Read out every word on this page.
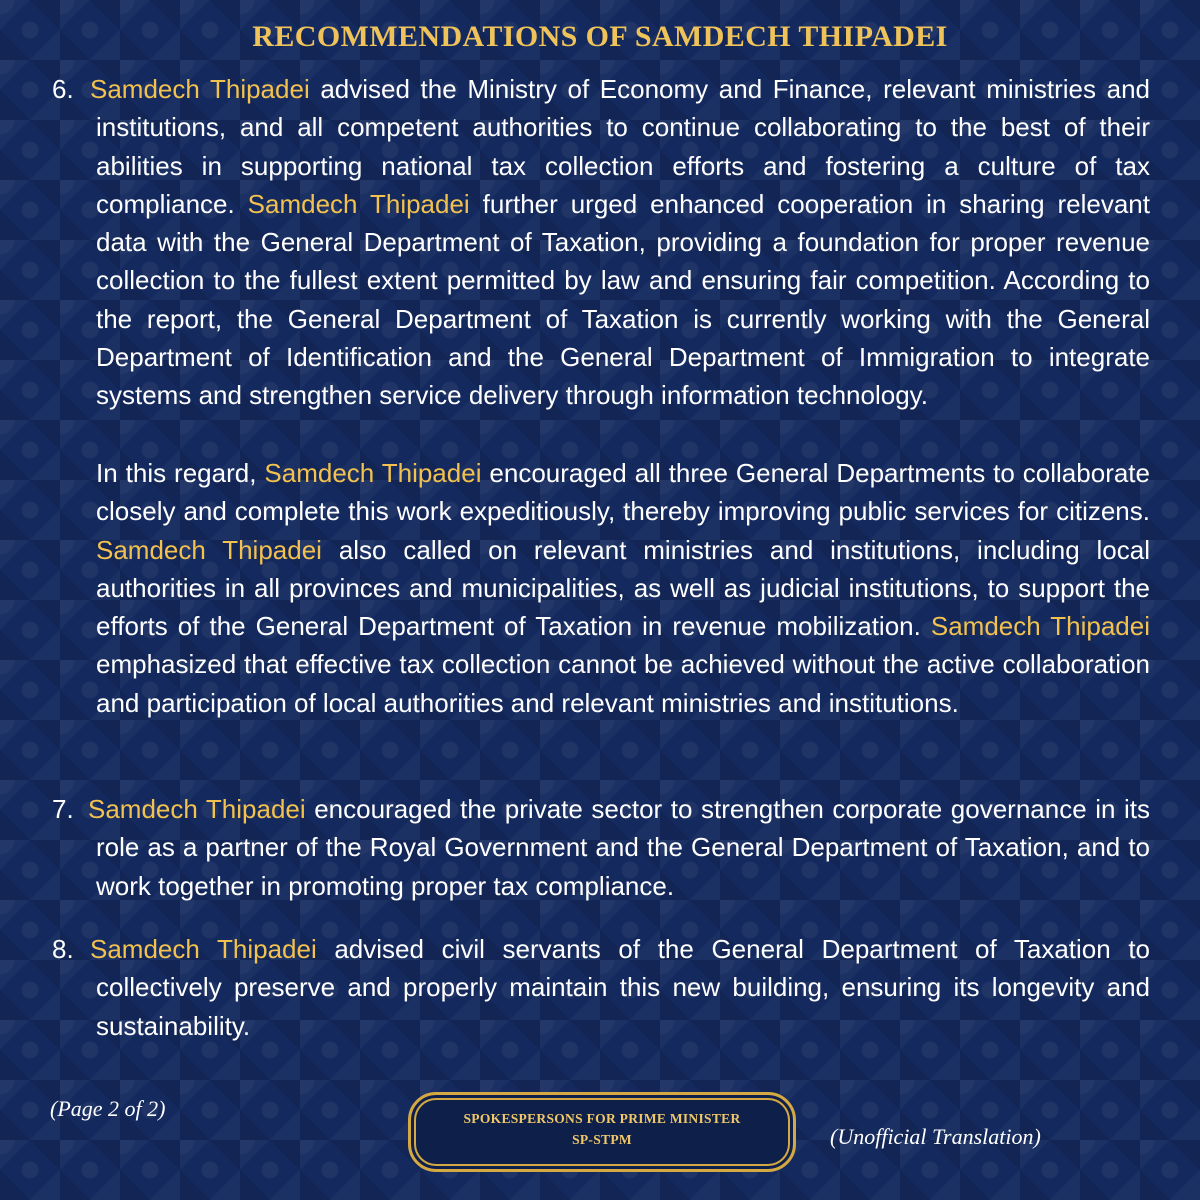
RECOMMENDATIONS OF SAMDECH THIPADEI
6. Samdech Thipadei advised the Ministry of Economy and Finance, relevant ministries and institutions, and all competent authorities to continue collaborating to the best of their abilities in supporting national tax collection efforts and fostering a culture of tax compliance. Samdech Thipadei further urged enhanced cooperation in sharing relevant data with the General Department of Taxation, providing a foundation for proper revenue collection to the fullest extent permitted by law and ensuring fair competition. According to the report, the General Department of Taxation is currently working with the General Department of Identification and the General Department of Immigration to integrate systems and strengthen service delivery through information technology.
In this regard, Samdech Thipadei encouraged all three General Departments to collaborate closely and complete this work expeditiously, thereby improving public services for citizens. Samdech Thipadei also called on relevant ministries and institutions, including local authorities in all provinces and municipalities, as well as judicial institutions, to support the efforts of the General Department of Taxation in revenue mobilization. Samdech Thipadei emphasized that effective tax collection cannot be achieved without the active collaboration and participation of local authorities and relevant ministries and institutions.
7. Samdech Thipadei encouraged the private sector to strengthen corporate governance in its role as a partner of the Royal Government and the General Department of Taxation, and to work together in promoting proper tax compliance.
8. Samdech Thipadei advised civil servants of the General Department of Taxation to collectively preserve and properly maintain this new building, ensuring its longevity and sustainability.
(Page 2 of 2)	SPOKESPERSONS FOR PRIME MINISTER
SP-STPM	(Unofficial Translation)
